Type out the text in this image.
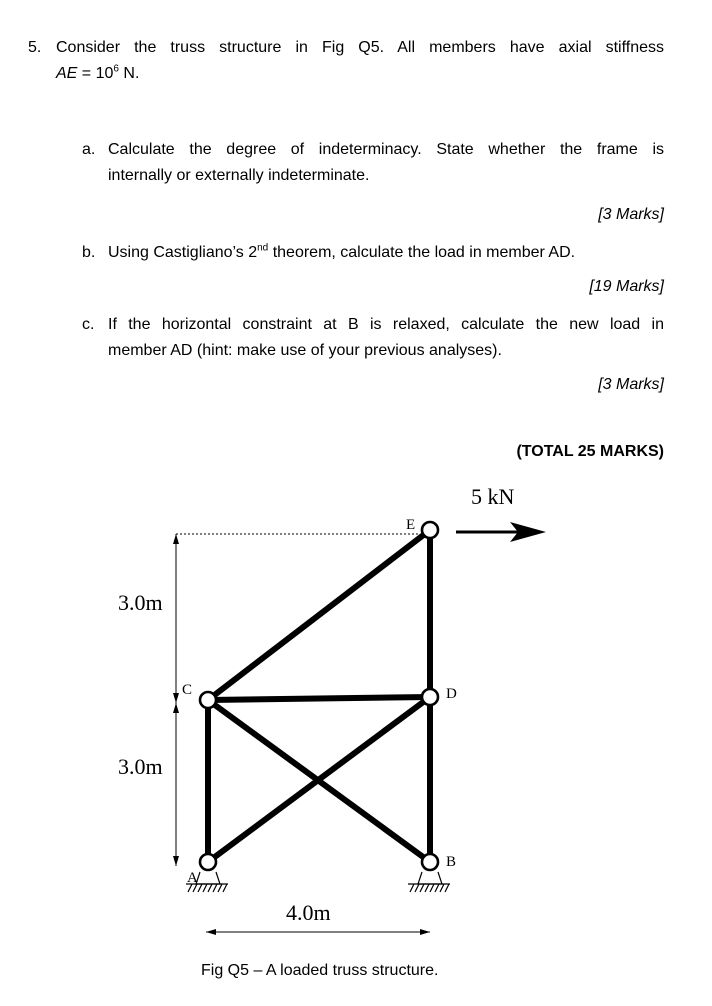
5. Consider the truss structure in Fig Q5. All members have axial stiffness
AE = $10^6$ N.
a. Calculate the degree of indeterminacy. State whether the frame is
internally or externally indeterminate.
[3 Marks]
b. Using Castigliano’s 2nd theorem, calculate the load in member AD.
[19 Marks]
c. If the horizontal constraint at B is relaxed, calculate the new load in
member AD (hint: make use of your previous analyses).
[3 Marks]
(TOTAL 25 MARKS)
5 kN
E
C	D
A
B
3.0m
3.0m
4.0m
Fig Q5 – A loaded truss structure.
